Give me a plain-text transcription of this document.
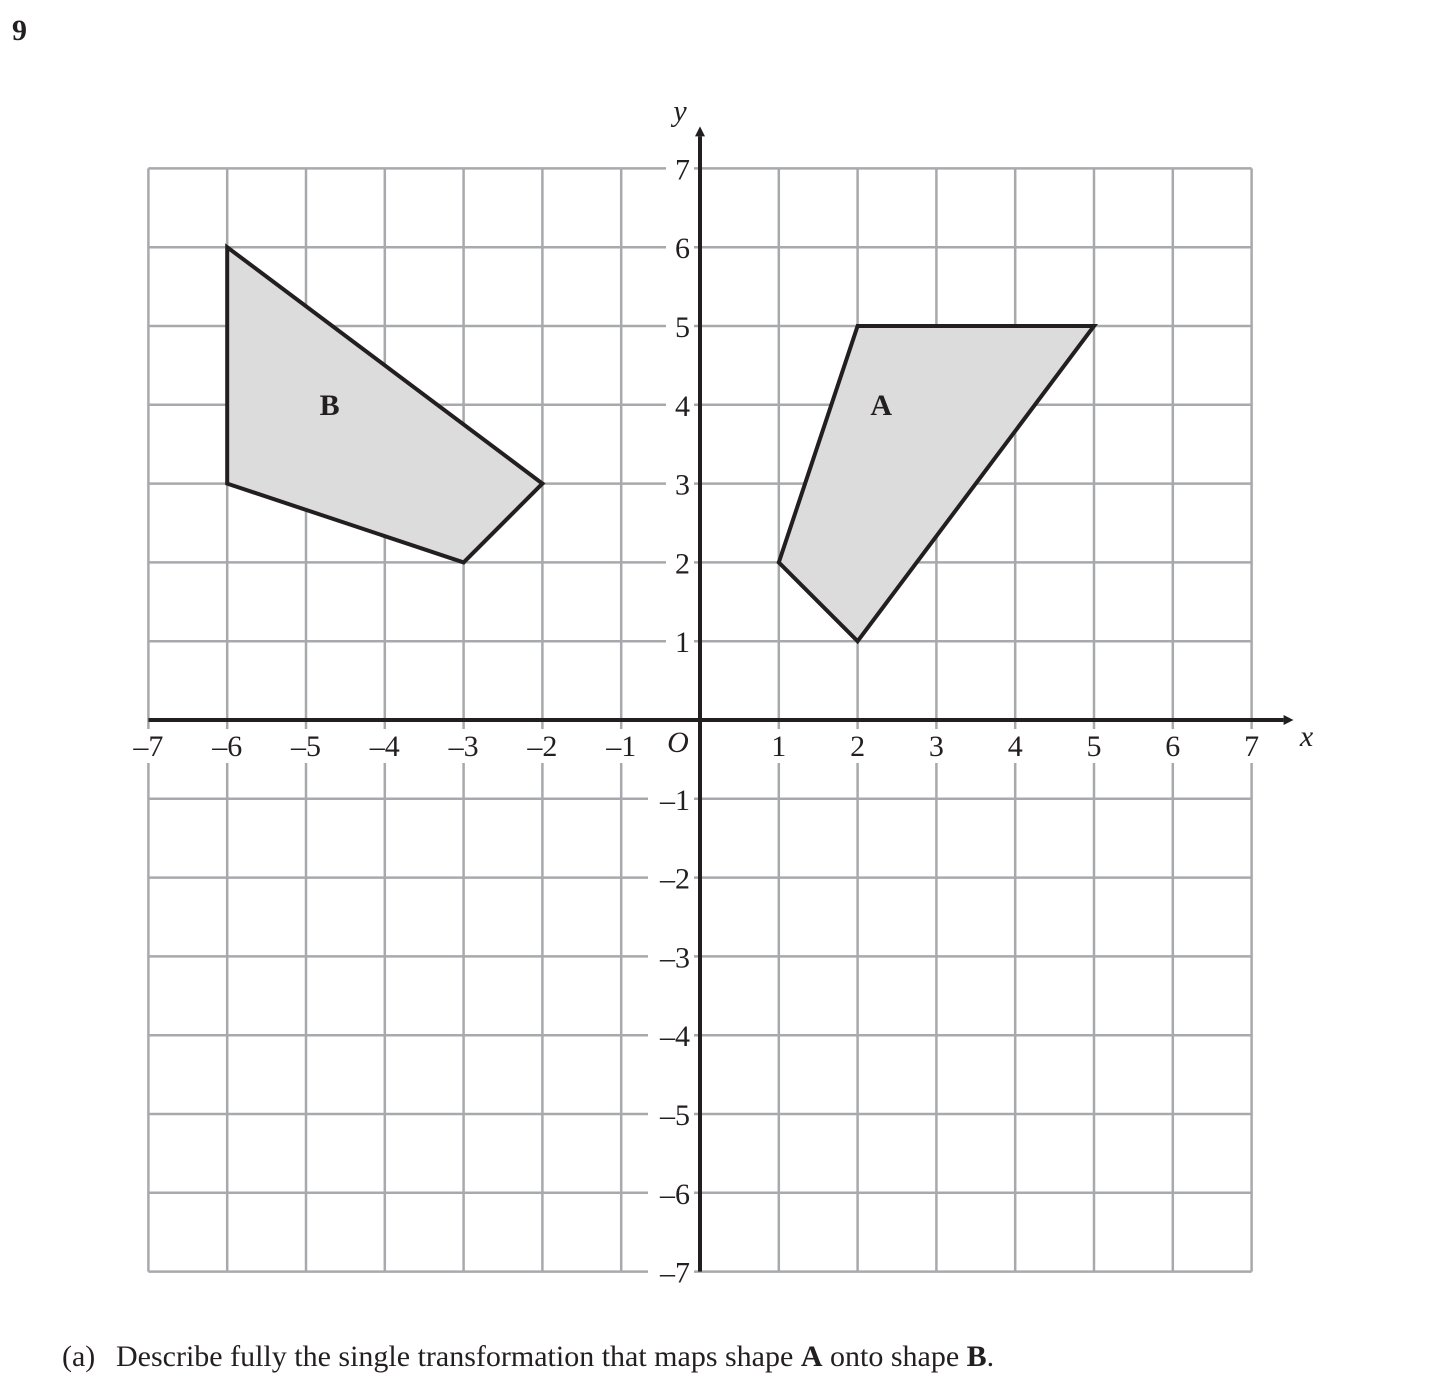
9
A
B
x
y
O
–7 –6 –5 –4 –3 –2 –1	1 2 3 4 5 6 7
7
6
5
4
3
2
1
–1
–2
–3
–4
–5
–6
–7
(a) Describe fully the single transformation that maps shape A onto shape B.
